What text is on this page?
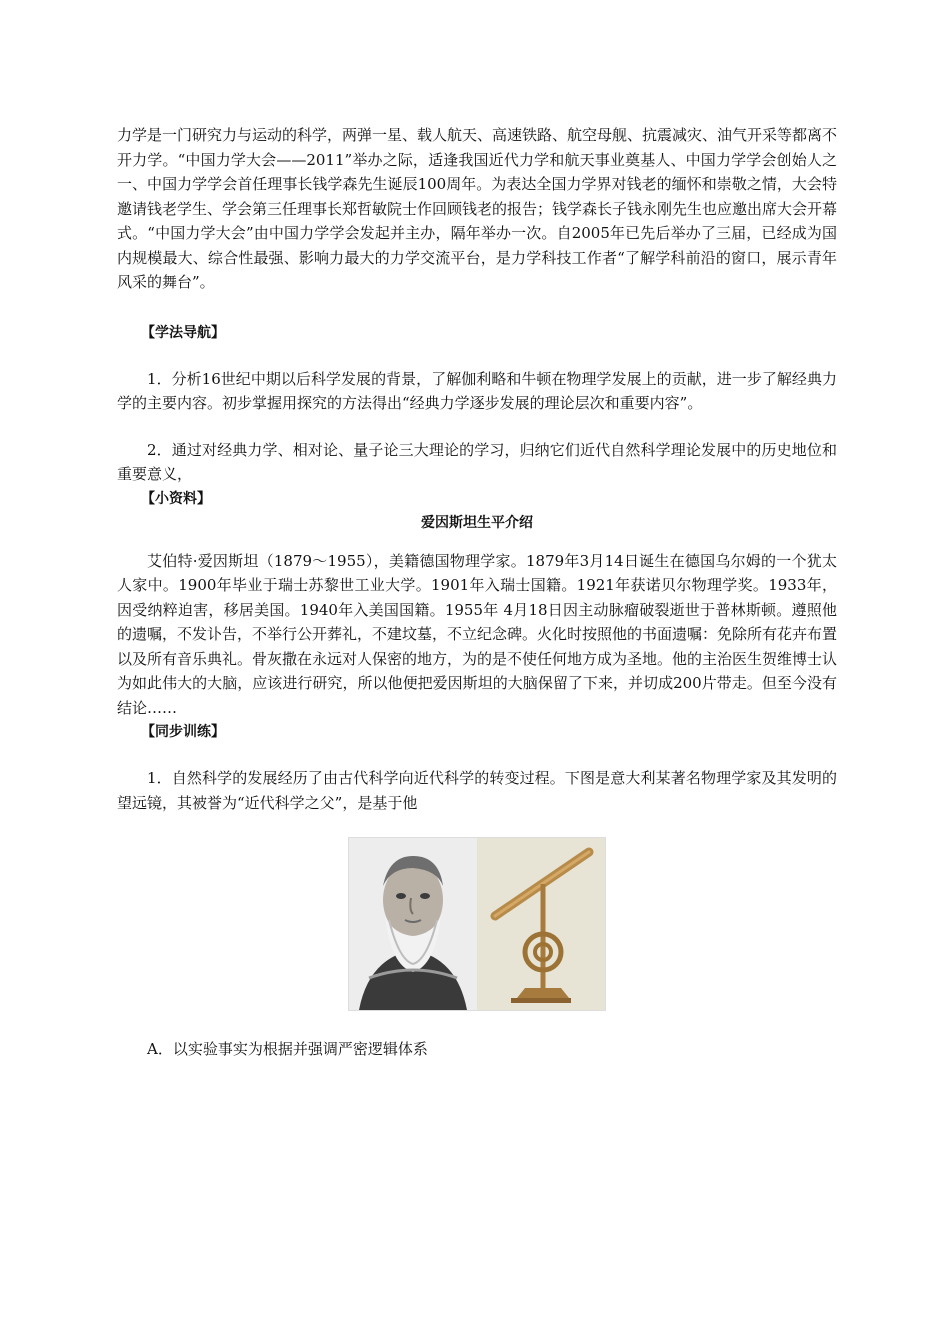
力学是一门研究力与运动的科学，两弹一星、载人航天、高速铁路、航空母舰、抗震减灾、油气开采等都离不开力学。“中国力学大会——2011”举办之际，适逢我国近代力学和航天事业奠基人、中国力学学会创始人之一、中国力学学会首任理事长钱学森先生诞辰100周年。为表达全国力学界对钱老的缅怀和崇敬之情，大会特邀请钱老学生、学会第三任理事长郑哲敏院士作回顾钱老的报告；钱学森长子钱永刚先生也应邀出席大会开幕式。“中国力学大会”由中国力学学会发起并主办，隔年举办一次。自2005年已先后举办了三届，已经成为国内规模最大、综合性最强、影响力最大的力学交流平台，是力学科技工作者“了解学科前沿的窗口，展示青年风采的舞台”。

【学法导航】

1．分析16世纪中期以后科学发展的背景，了解伽利略和牛顿在物理学发展上的贡献，进一步了解经典力学的主要内容。初步掌握用探究的方法得出“经典力学逐步发展的理论层次和重要内容”。

2．通过对经典力学、相对论、量子论三大理论的学习，归纳它们近代自然科学理论发展中的历史地位和重要意义，

【小资料】

爱因斯坦生平介绍

艾伯特·爱因斯坦（1879～1955），美籍德国物理学家。1879年3月14日诞生在德国乌尔姆的一个犹太人家中。1900年毕业于瑞士苏黎世工业大学。1901年入瑞士国籍。1921年获诺贝尔物理学奖。1933年，因受纳粹迫害，移居美国。1940年入美国国籍。1955年 4月18日因主动脉瘤破裂逝世于普林斯顿。遵照他的遗嘱，不发讣告，不举行公开葬礼，不建坟墓，不立纪念碑。火化时按照他的书面遗嘱：免除所有花卉布置以及所有音乐典礼。骨灰撒在永远对人保密的地方，为的是不使任何地方成为圣地。他的主治医生贺维博士认为如此伟大的大脑，应该进行研究，所以他便把爱因斯坦的大脑保留了下来，并切成200片带走。但至今没有结论……

【同步训练】

1．自然科学的发展经历了由古代科学向近代科学的转变过程。下图是意大利某著名物理学家及其发明的望远镜，其被誉为“近代科学之父”，是基于他

A．以实验事实为根据并强调严密逻辑体系
